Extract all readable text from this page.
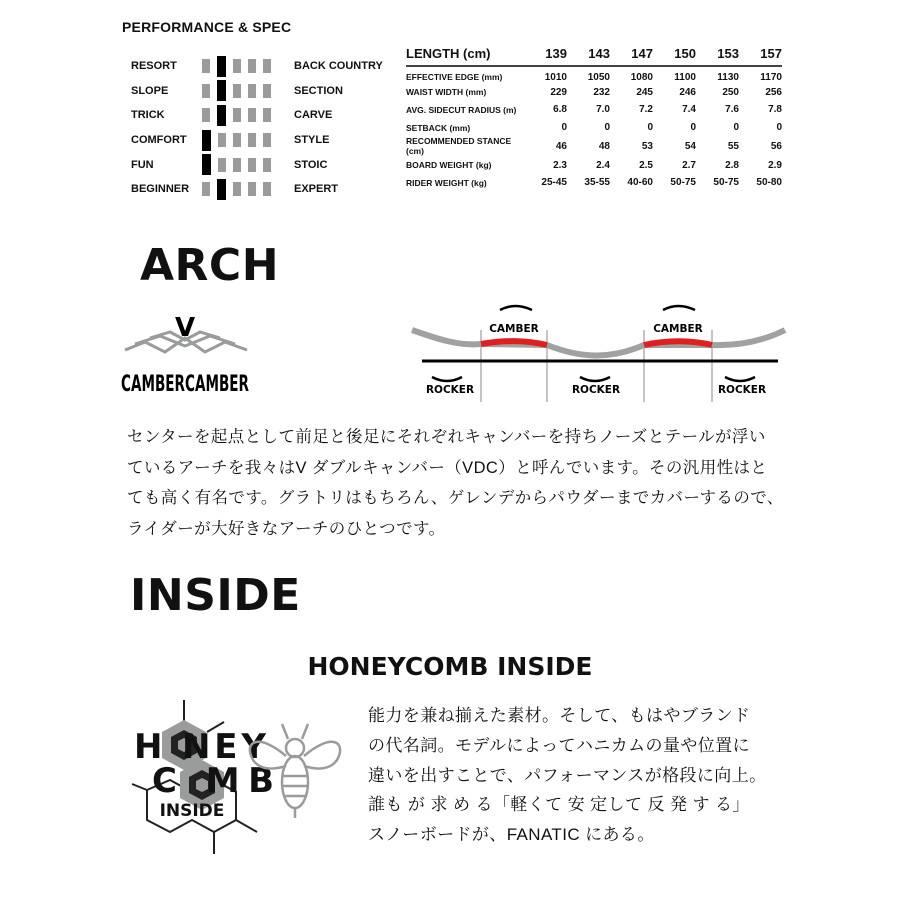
PERFORMANCE & SPEC
RESORT	BACK COUNTRY
SLOPE	SECTION
TRICK	CARVE
COMFORT	STYLE
FUN	STOIC
BEGINNER	EXPERT
LENGTH (cm)	139	143	147	150	153	157
EFFECTIVE EDGE (mm)	1010	1050	1080	1100	1130	1170
WAIST WIDTH (mm)	229	232	245	246	250	256
AVG. SIDECUT RADIUS (m)	6.8	7.0	7.2	7.4	7.6	7.8
SETBACK (mm)	0	0	0	0	0	0
RECOMMENDED STANCE (cm)	46	48	53	54	55	56
BOARD WEIGHT (kg)	2.3	2.4	2.5	2.7	2.8	2.9
RIDER WEIGHT (kg)	25-45	35-55	40-60	50-75	50-75	50-80
ARCH
V
CAMBERCAMBER
CAMBER	CAMBER
ROCKER	ROCKER	ROCKER
センターを起点として前足と後足にそれぞれキャンバーを持ちノーズとテールが浮い
ているアーチを我々はV ダブルキャンバー（VDC）と呼んでいます。その汎用性はと
ても高く有名です。グラトリはもちろん、ゲレンデからパウダーまでカバーするので、
ライダーが大好きなアーチのひとつです。
INSIDE
HONEYCOMB INSIDE
H NEY
C MB
INSIDE
能力を兼ね揃えた素材。そして、もはやブランド
の代名詞。モデルによってハニカムの量や位置に
違いを出すことで、パフォーマンスが格段に向上。
誰も が 求 め る「軽くて 安 定して 反 発 す る」
スノーボードが、FANATIC にある。
